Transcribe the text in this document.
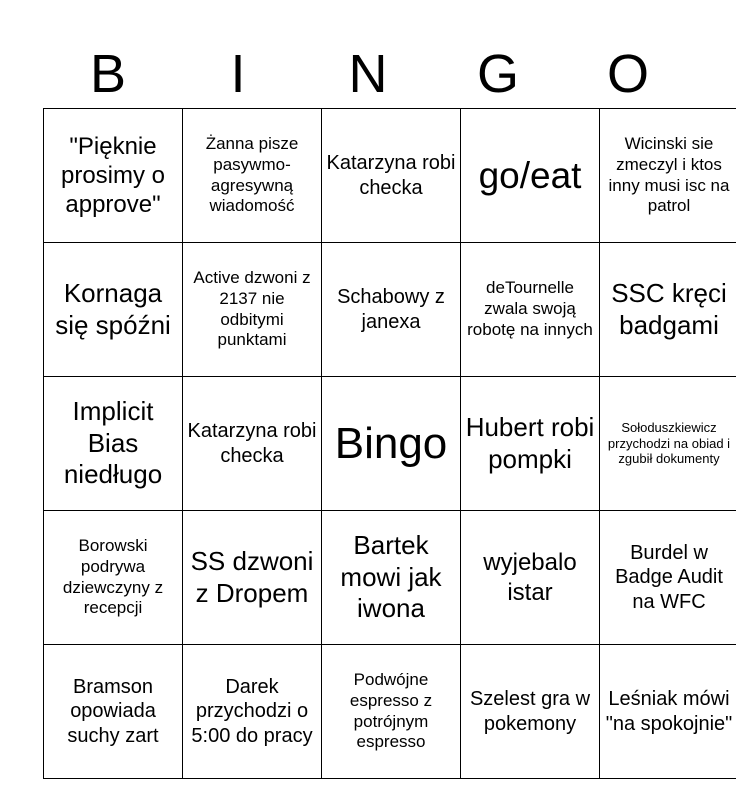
B	I	N	G	O
"Pięknie prosimy o approve"	Żanna pisze pasywmo-agresywną wiadomość	Katarzyna robi checka	go/eat	Wicinski sie zmeczyl i ktos inny musi isc na patrol
Kornaga się spóźni	Active dzwoni z 2137 nie odbitymi punktami	Schabowy z janexa	deTournelle zwala swoją robotę na innych	SSC kręci badgami
Implicit Bias niedługo	Katarzyna robi checka	Bingo	Hubert robi pompki	Sołoduszkiewicz przychodzi na obiad i zgubił dokumenty
Borowski podrywa dziewczyny z recepcji	SS dzwoni z Dropem	Bartek mowi jak iwona	wyjebalo istar	Burdel w Badge Audit na WFC
Bramson opowiada suchy zart	Darek przychodzi o 5:00 do pracy	Podwójne espresso z potrójnym espresso	Szelest gra w pokemony	Leśniak mówi "na spokojnie"
